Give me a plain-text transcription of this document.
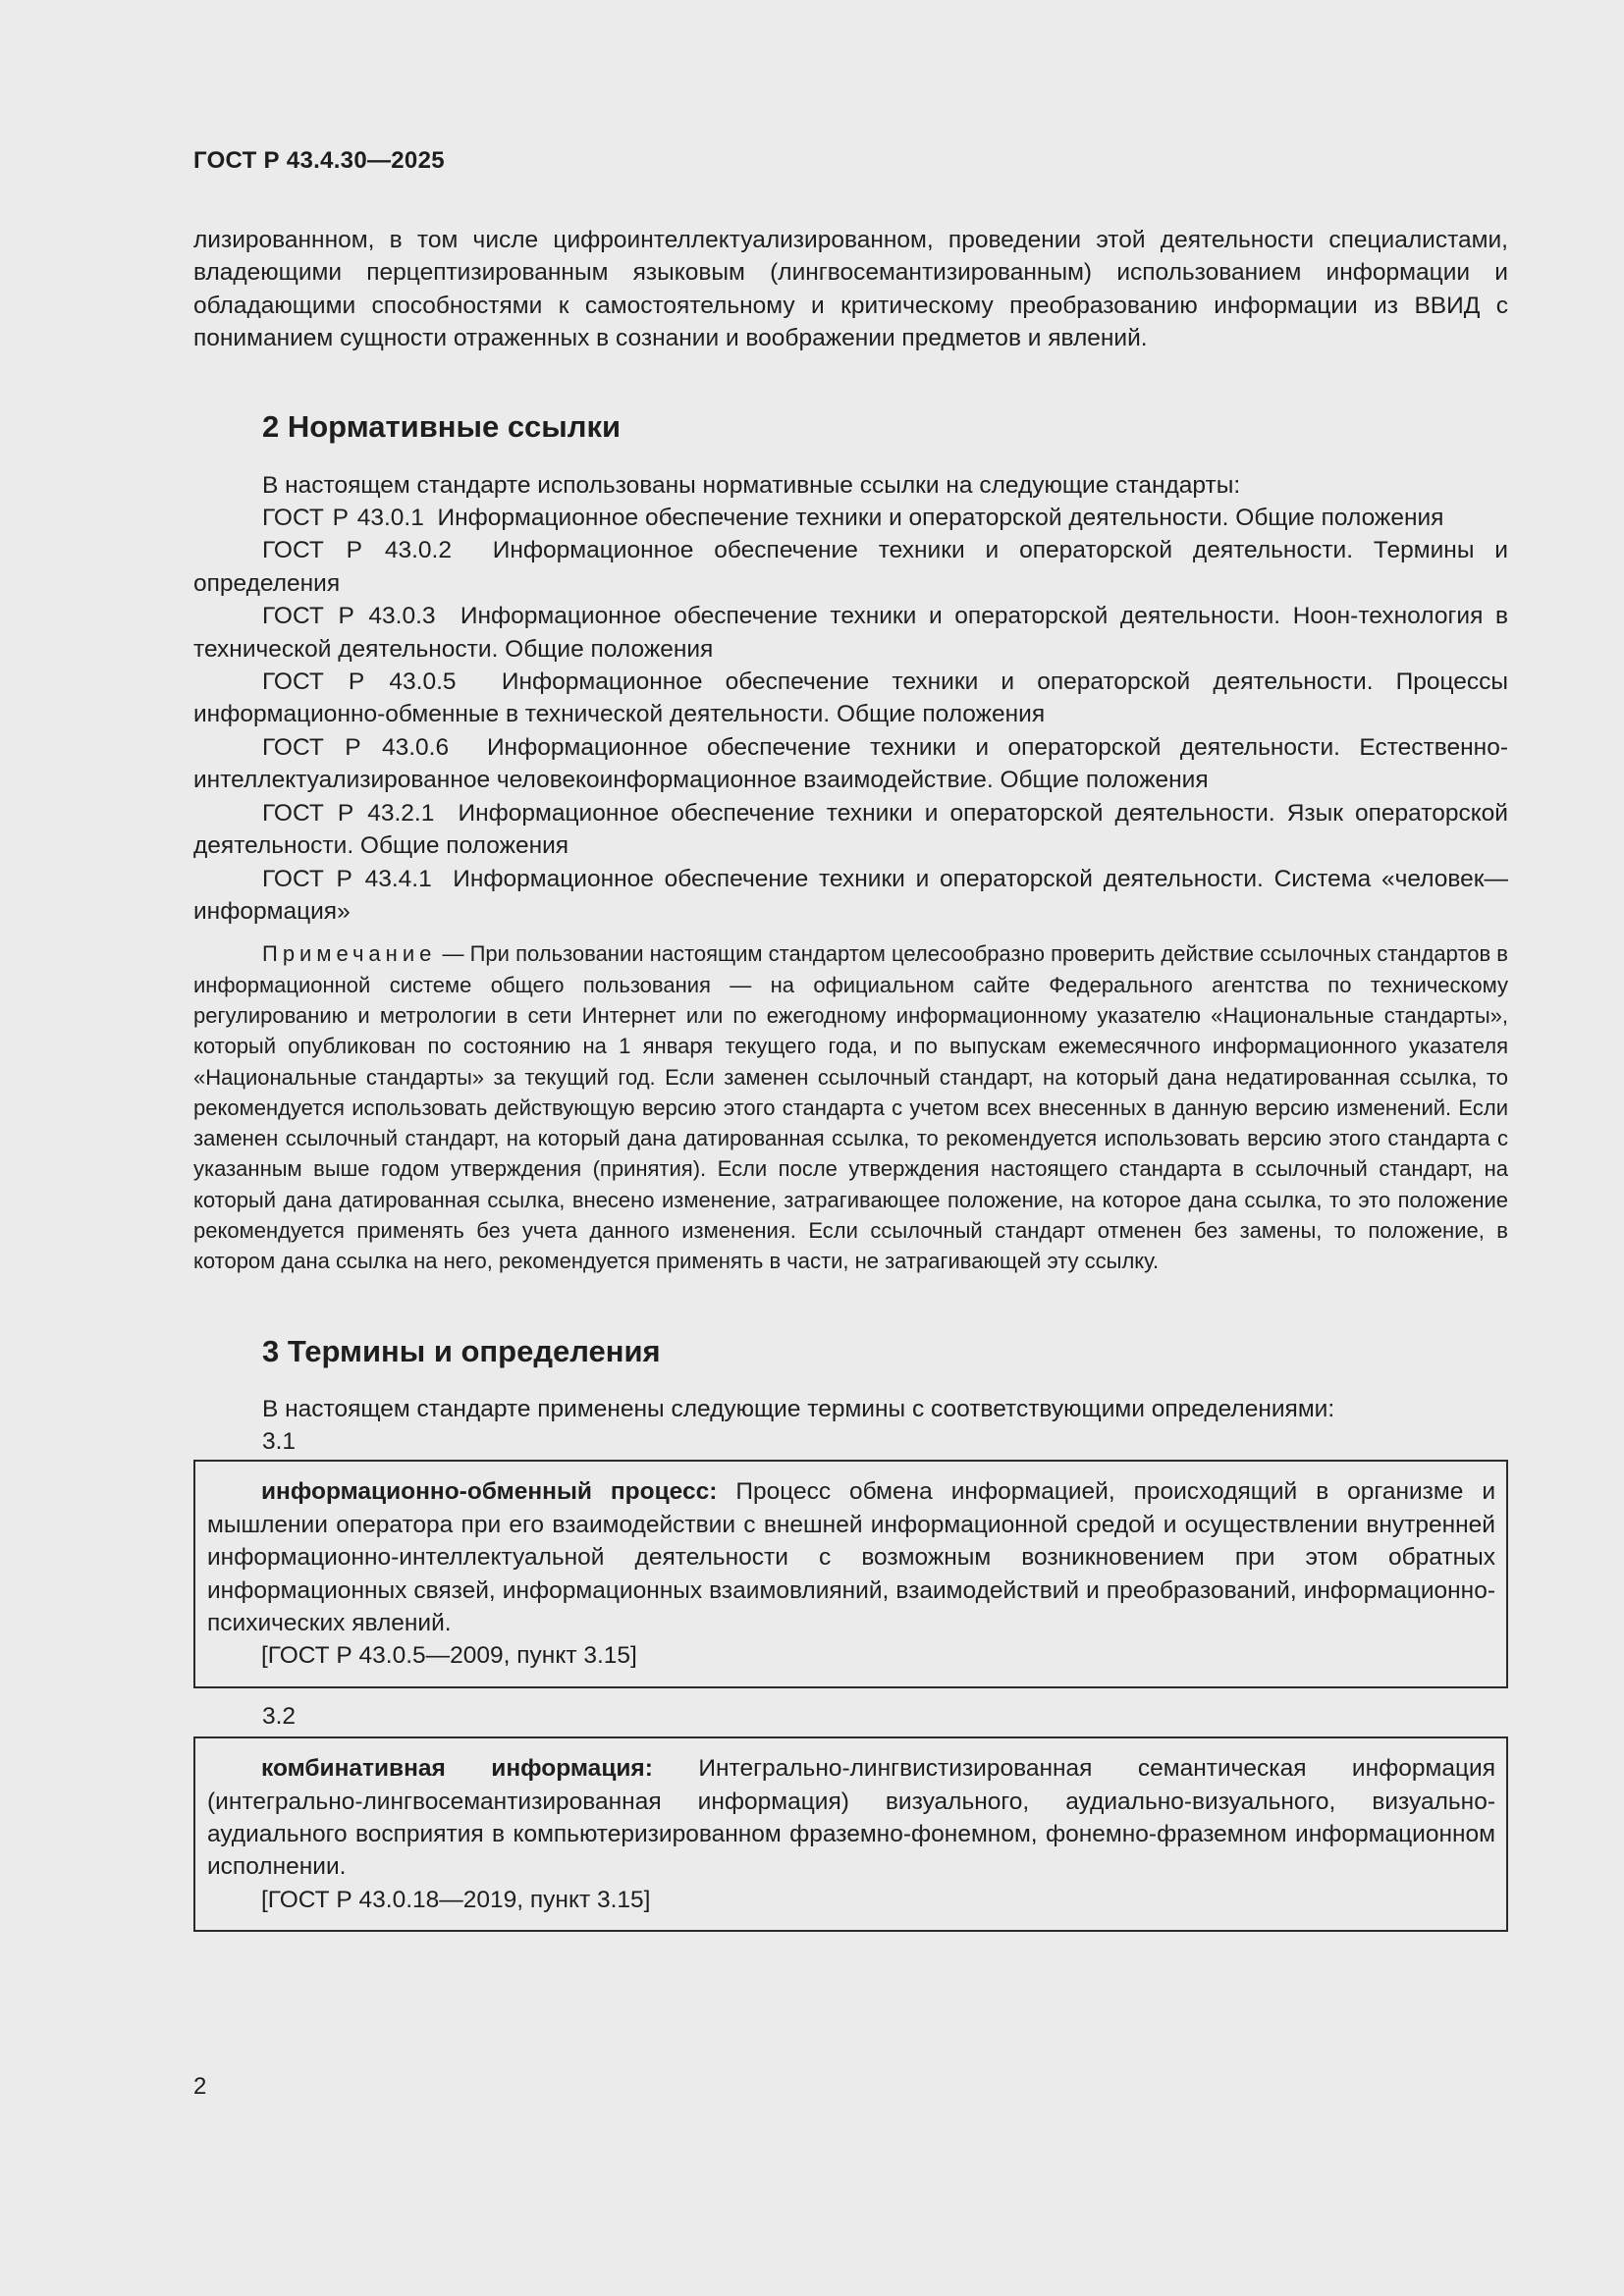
ГОСТ Р 43.4.30—2025

лизированнном, в том числе цифроинтеллектуализированном, проведении этой деятельности специалистами, владеющими перцептизированным языковым (лингвосемантизированным) использованием информации и обладающими способностями к самостоятельному и критическому преобразованию информации из ВВИД с пониманием сущности отраженных в сознании и воображении предметов и явлений.

2 Нормативные ссылки

В настоящем стандарте использованы нормативные ссылки на следующие стандарты:

ГОСТ Р 43.0.1 Информационное обеспечение техники и операторской деятельности. Общие положения

ГОСТ Р 43.0.2 Информационное обеспечение техники и операторской деятельности. Термины и определения

ГОСТ Р 43.0.3 Информационное обеспечение техники и операторской деятельности. Ноон-технология в технической деятельности. Общие положения

ГОСТ Р 43.0.5 Информационное обеспечение техники и операторской деятельности. Процессы информационно-обменные в технической деятельности. Общие положения

ГОСТ Р 43.0.6 Информационное обеспечение техники и операторской деятельности. Естественно-интеллектуализированное человекоинформационное взаимодействие. Общие положения

ГОСТ Р 43.2.1 Информационное обеспечение техники и операторской деятельности. Язык операторской деятельности. Общие положения

ГОСТ Р 43.4.1 Информационное обеспечение техники и операторской деятельности. Система «человек—информация»

Примечание — При пользовании настоящим стандартом целесообразно проверить действие ссылочных стандартов в информационной системе общего пользования — на официальном сайте Федерального агентства по техническому регулированию и метрологии в сети Интернет или по ежегодному информационному указателю «Национальные стандарты», который опубликован по состоянию на 1 января текущего года, и по выпускам ежемесячного информационного указателя «Национальные стандарты» за текущий год. Если заменен ссылочный стандарт, на который дана недатированная ссылка, то рекомендуется использовать действующую версию этого стандарта с учетом всех внесенных в данную версию изменений. Если заменен ссылочный стандарт, на который дана датированная ссылка, то рекомендуется использовать версию этого стандарта с указанным выше годом утверждения (принятия). Если после утверждения настоящего стандарта в ссылочный стандарт, на который дана датированная ссылка, внесено изменение, затрагивающее положение, на которое дана ссылка, то это положение рекомендуется применять без учета данного изменения. Если ссылочный стандарт отменен без замены, то положение, в котором дана ссылка на него, рекомендуется применять в части, не затрагивающей эту ссылку.

3 Термины и определения

В настоящем стандарте применены следующие термины с соответствующими определениями:

3.1

информационно-обменный процесс: Процесс обмена информацией, происходящий в организме и мышлении оператора при его взаимодействии с внешней информационной средой и осуществлении внутренней информационно-интеллектуальной деятельности с возможным возникновением при этом обратных информационных связей, информационных взаимовлияний, взаимодействий и преобразований, информационно-психических явлений.

[ГОСТ Р 43.0.5—2009, пункт 3.15]

3.2

комбинативная информация: Интегрально-лингвистизированная семантическая информация (интегрально-лингвосемантизированная информация) визуального, аудиально-визуального, визуально-аудиального восприятия в компьютеризированном фраземно-фонемном, фонемно-фраземном информационном исполнении.

[ГОСТ Р 43.0.18—2019, пункт 3.15]

2
